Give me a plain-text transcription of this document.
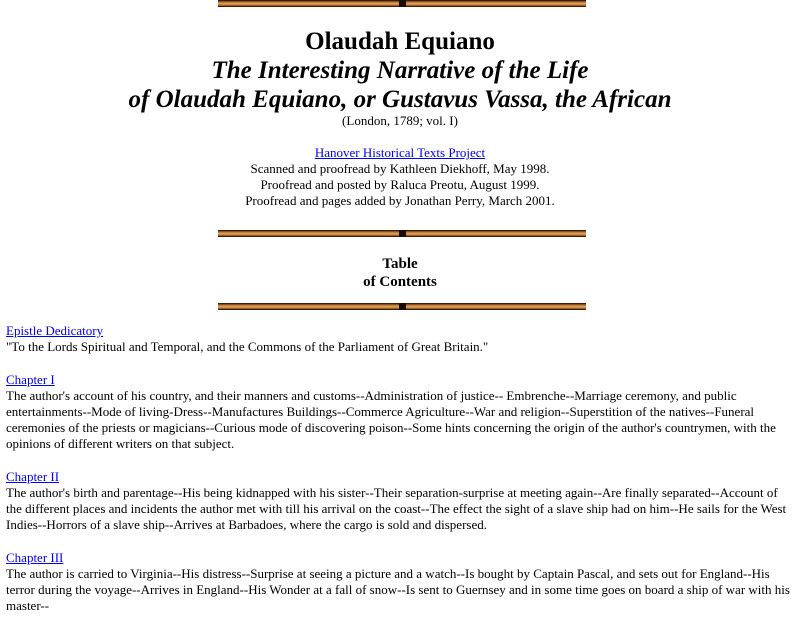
Olaudah Equiano
The Interesting Narrative of the Life
of Olaudah Equiano, or Gustavus Vassa, the African
(London, 1789; vol. I)
Hanover Historical Texts Project
Scanned and proofread by Kathleen Diekhoff, May 1998.
Proofread and posted by Raluca Preotu, August 1999.
Proofread and pages added by Jonathan Perry, March 2001.
Table
of Contents
Epistle Dedicatory

"To the Lords Spiritual and Temporal, and the Commons of the Parliament of Great Britain."

Chapter I

The author's account of his country, and their manners and customs--Administration of justice-- Embrenche--Marriage ceremony, and public entertainments--Mode of living-Dress--Manufactures Buildings--Commerce Agriculture--War and religion--Superstition of the natives--Funeral ceremonies of the priests or magicians--Curious mode of discovering poison--Some hints concerning the origin of the author's countrymen, with the opinions of different writers on that subject.

Chapter II

The author's birth and parentage--His being kidnapped with his sister--Their separation-surprise at meeting again--Are finally separated--Account of the different places and incidents the author met with till his arrival on the coast--The effect the sight of a slave ship had on him--He sails for the West Indies--Horrors of a slave ship--Arrives at Barbadoes, where the cargo is sold and dispersed.

Chapter III

The author is carried to Virginia--His distress--Surprise at seeing a picture and a watch--Is bought by Captain Pascal, and sets out for England--His terror during the voyage--Arrives in England--His Wonder at a fall of snow--Is sent to Guernsey and in some time goes on board a ship of war with his master--
